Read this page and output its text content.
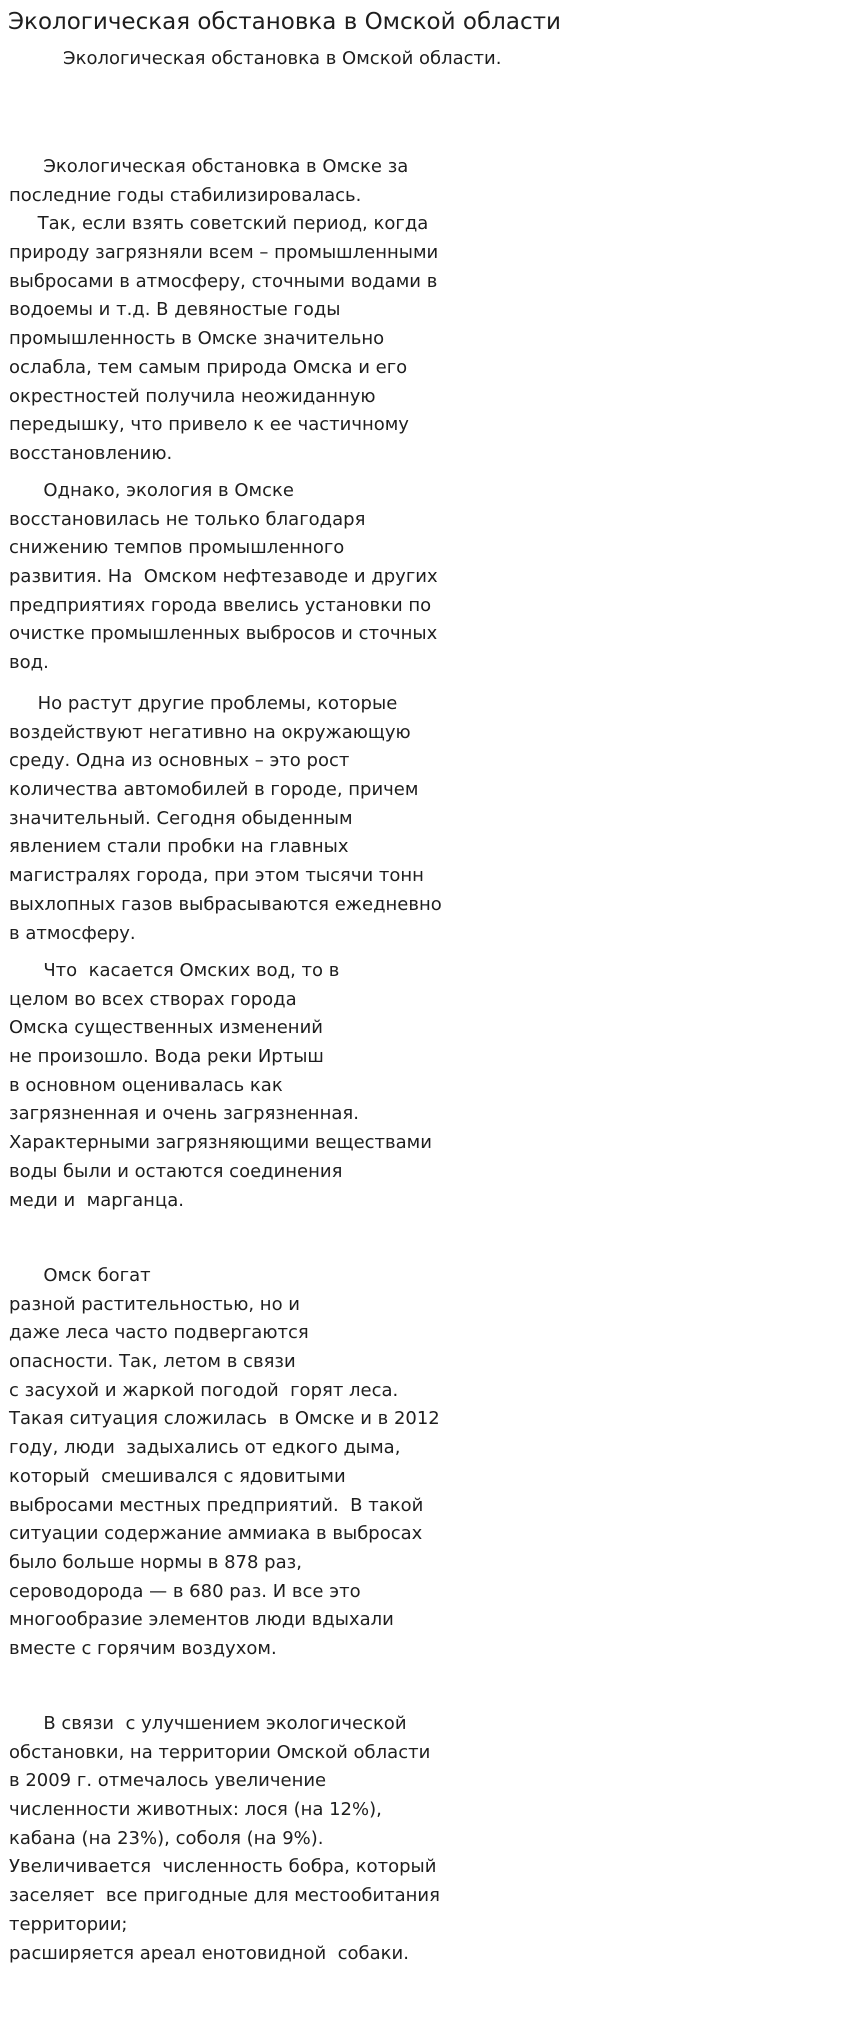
Экологическая обстановка в Омской области

Экологическая обстановка в Омской области.

Экологическая обстановка в Омске за
последние годы стабилизировалась.
Так, если взять советский период, когда
природу загрязняли всем – промышленными
выбросами в атмосферу, сточными водами в
водоемы и т.д. В девяностые годы
промышленность в Омске значительно
ослабла, тем самым природа Омска и его
окрестностей получила неожиданную
передышку, что привело к ее частичному
восстановлению.
Однако, экология в Омске
восстановилась не только благодаря
снижению темпов промышленного
развития. На  Омском нефтезаводе и других
предприятиях города ввелись установки по
очистке промышленных выбросов и сточных
вод.
Но растут другие проблемы, которые
воздействуют негативно на окружающую
среду. Одна из основных – это рост
количества автомобилей в городе, причем
значительный. Сегодня обыденным
явлением стали пробки на главных
магистралях города, при этом тысячи тонн
выхлопных газов выбрасываются ежедневно
в атмосферу.
Что  касается Омских вод, то в
целом во всех створах города
Омска существенных изменений
не произошло. Вода реки Иртыш
в основном оценивалась как
загрязненная и очень загрязненная.
Характерными загрязняющими веществами
воды были и остаются соединения
меди и  марганца.
Омск богат
разной растительностью, но и
даже леса часто подвергаются
опасности. Так, летом в связи
с засухой и жаркой погодой  горят леса.
Такая ситуация сложилась  в Омске и в 2012
году, люди  задыхались от едкого дыма,
который  смешивался с ядовитыми
выбросами местных предприятий.  В такой
ситуации содержание аммиака в выбросах
было больше нормы в 878 раз,
сероводорода — в 680 раз. И все это
многообразие элементов люди вдыхали
вместе с горячим воздухом.
В связи  с улучшением экологической
обстановки, на территории Омской области
в 2009 г. отмечалось увеличение
численности животных: лося (на 12%),
кабана (на 23%), соболя (на 9%).
Увеличивается  численность бобра, который
заселяет  все пригодные для местообитания
территории;
расширяется ареал енотовидной  собаки.
